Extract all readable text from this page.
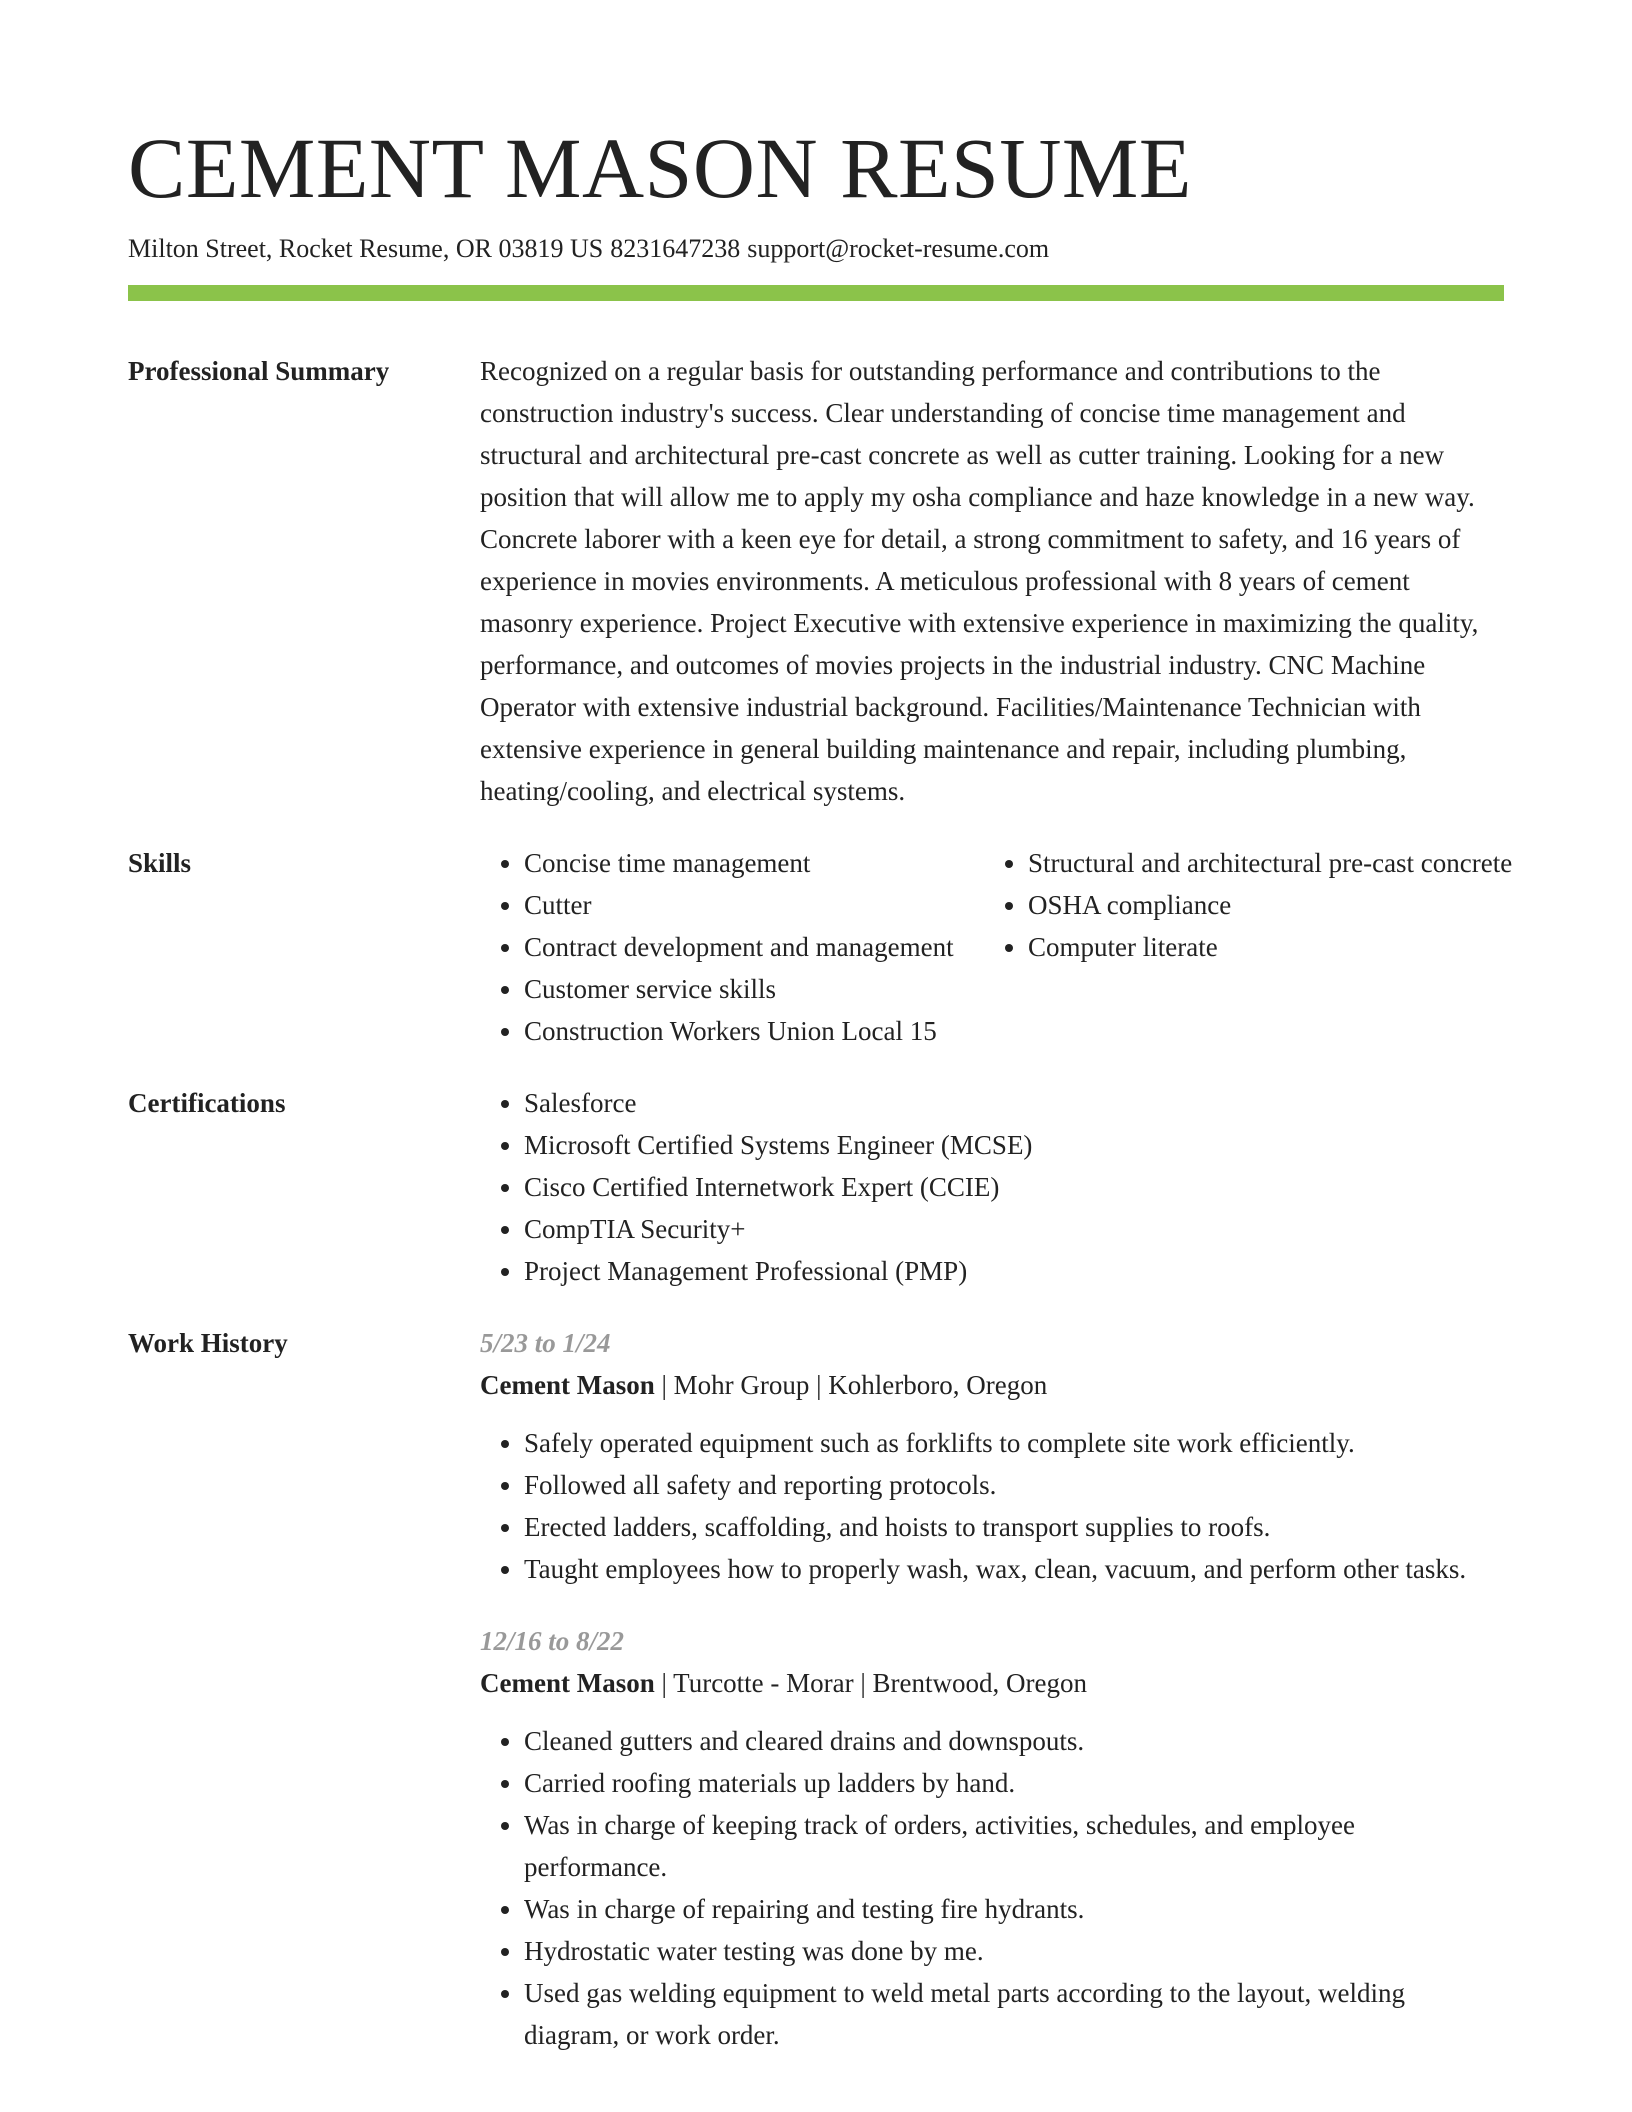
CEMENT MASON RESUME
Milton Street, Rocket Resume, OR 03819 US 8231647238 support@rocket-resume.com
Professional Summary	Recognized on a regular basis for outstanding performance and contributions to the construction industry's success. Clear understanding of concise time management and structural and architectural pre-cast concrete as well as cutter training. Looking for a new position that will allow me to apply my osha compliance and haze knowledge in a new way. Concrete laborer with a keen eye for detail, a strong commitment to safety, and 16 years of experience in movies environments. A meticulous professional with 8 years of cement masonry experience. Project Executive with extensive experience in maximizing the quality, performance, and outcomes of movies projects in the industrial industry. CNC Machine Operator with extensive industrial background. Facilities/Maintenance Technician with extensive experience in general building maintenance and repair, including plumbing, heating/cooling, and electrical systems.

Skills	• Concise time management
• Cutter
• Contract development and management
• Customer service skills
• Construction Workers Union Local 15
• Structural and architectural pre-cast concrete
• OSHA compliance
• Computer literate
Certifications	• Salesforce
• Microsoft Certified Systems Engineer (MCSE)
• Cisco Certified Internetwork Expert (CCIE)
• CompTIA Security+
• Project Management Professional (PMP)
Work History	5/23 to 1/24
Cement Mason | Mohr Group | Kohlerboro, Oregon
• Safely operated equipment such as forklifts to complete site work efficiently.
• Followed all safety and reporting protocols.
• Erected ladders, scaffolding, and hoists to transport supplies to roofs.
• Taught employees how to properly wash, wax, clean, vacuum, and perform other tasks.
12/16 to 8/22
Cement Mason | Turcotte - Morar | Brentwood, Oregon
• Cleaned gutters and cleared drains and downspouts.
• Carried roofing materials up ladders by hand.
• Was in charge of keeping track of orders, activities, schedules, and employee performance.
• Was in charge of repairing and testing fire hydrants.
• Hydrostatic water testing was done by me.
• Used gas welding equipment to weld metal parts according to the layout, welding diagram, or work order.
